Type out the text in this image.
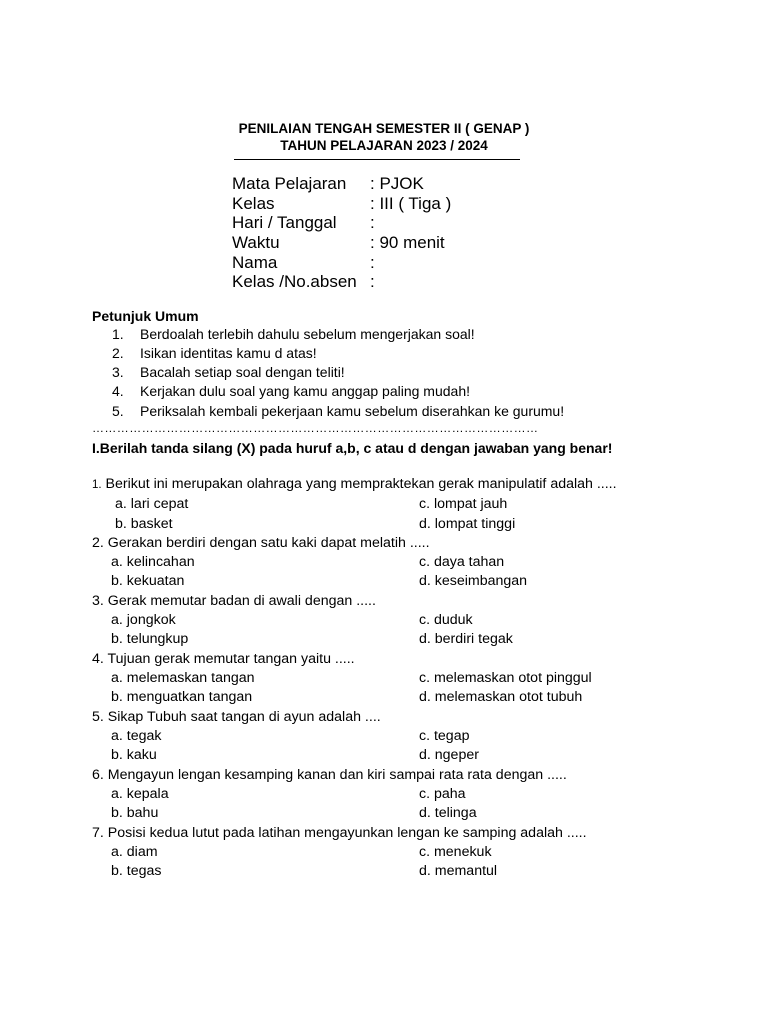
PENILAIAN TENGAH SEMESTER II ( GENAP )
TAHUN PELAJARAN 2023 / 2024
Mata Pelajaran : PJOK
Kelas	: III ( Tiga )
Hari / Tanggal :
Waktu	: 90 menit
Nama	:
Kelas /No.absen :
Petunjuk Umum
1. Berdoalah terlebih dahulu sebelum mengerjakan soal!
2. Isikan identitas kamu d atas!
3. Bacalah setiap soal dengan teliti!
4. Kerjakan dulu soal yang kamu anggap paling mudah!
5. Periksalah kembali pekerjaan kamu sebelum diserahkan ke gurumu!
………………………………………………………………………………………………
I.Berilah tanda silang (X) pada huruf a,b, c atau d dengan jawaban yang benar!
1. Berikut ini merupakan olahraga yang mempraktekan gerak manipulatif adalah .....
a. lari cepat	c. lompat jauh
b. basket	d. lompat tinggi
2. Gerakan berdiri dengan satu kaki dapat melatih .....
a. kelincahan	c. daya tahan
b. kekuatan	d. keseimbangan
3. Gerak memutar badan di awali dengan .....
a. jongkok	c. duduk
b. telungkup	d. berdiri tegak
4. Tujuan gerak memutar tangan yaitu .....
a. melemaskan tangan	c. melemaskan otot pinggul
b. menguatkan tangan	d. melemaskan otot tubuh
5. Sikap Tubuh saat tangan di ayun adalah ....
a. tegak	c. tegap
b. kaku	d. ngeper
6. Mengayun lengan kesamping kanan dan kiri sampai rata rata dengan .....
a. kepala	c. paha
b. bahu	d. telinga
7. Posisi kedua lutut pada latihan mengayunkan lengan ke samping adalah .....
a. diam	c. menekuk
b. tegas	d. memantul
